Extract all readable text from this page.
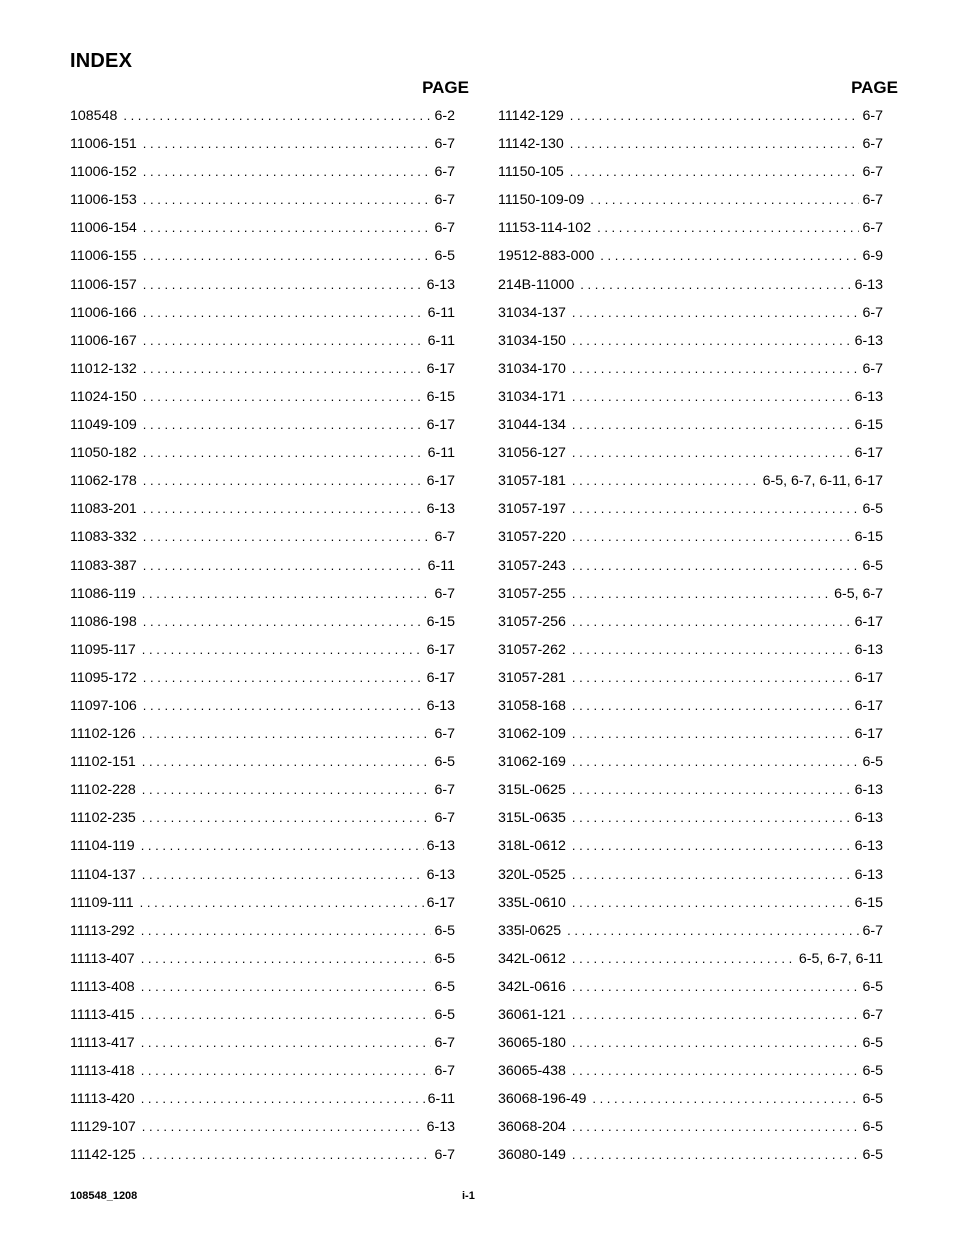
INDEX
PAGE	PAGE
108548 . . .	6-2
11006-151 . . .	6-7
11006-152 . . .	6-7
11006-153 . . .	6-7
11006-154 . . .	6-7
11006-155 . . .	6-5
11006-157 . . .	6-13
11006-166 . . .	6-11
11006-167 . . .	6-11
11012-132 . . .	6-17
11024-150 . . .	6-15
11049-109 . . .	6-17
11050-182 . . .	6-11
11062-178 . . .	6-17
11083-201 . . .	6-13
11083-332 . . .	6-7
11083-387 . . .	6-11
11086-119 . . .	6-7
11086-198 . . .	6-15
11095-117 . . .	6-17
11095-172 . . .	6-17
11097-106 . . .	6-13
11102-126 . . .	6-7
11102-151 . . .	6-5
11102-228 . . .	6-7
11102-235 . . .	6-7
11104-119 . . .	6-13
11104-137 . . .	6-13
11109-111 . . .	6-17
11113-292 . . .	6-5
11113-407 . . .	6-5
11113-408 . . .	6-5
11113-415 . . .	6-5
11113-417 . . .	6-7
11113-418 . . .	6-7
11113-420 . . .	6-11
11129-107 . . .	6-13
11142-125 . . .	6-7
11142-129 . . .	6-7
11142-130 . . .	6-7
11150-105 . . .	6-7
11150-109-09 . . .	6-7
11153-114-102 . . .	6-7
19512-883-000 . . .	6-9
214B-11000 . . .	6-13
31034-137 . . .	6-7
31034-150 . . .	6-13
31034-170 . . .	6-7
31034-171 . . .	6-13
31044-134 . . .	6-15
31056-127 . . .	6-17
31057-181 . . .	6-5, 6-7, 6-11, 6-17
31057-197 . . .	6-5
31057-220 . . .	6-15
31057-243 . . .	6-5
31057-255 . . .	6-5, 6-7
31057-256 . . .	6-17
31057-262 . . .	6-13
31057-281 . . .	6-17
31058-168 . . .	6-17
31062-109 . . .	6-17
31062-169 . . .	6-5
315L-0625 . . .	6-13
315L-0635 . . .	6-13
318L-0612 . . .	6-13
320L-0525 . . .	6-13
335L-0610 . . .	6-15
335l-0625 . . .	6-7
342L-0612 . . .	6-5, 6-7, 6-11
342L-0616 . . .	6-5
36061-121 . . .	6-7
36065-180 . . .	6-5
36065-438 . . .	6-5
36068-196-49 . . .	6-5
36068-204 . . .	6-5
36080-149 . . .	6-5
108548_1208	i-1
